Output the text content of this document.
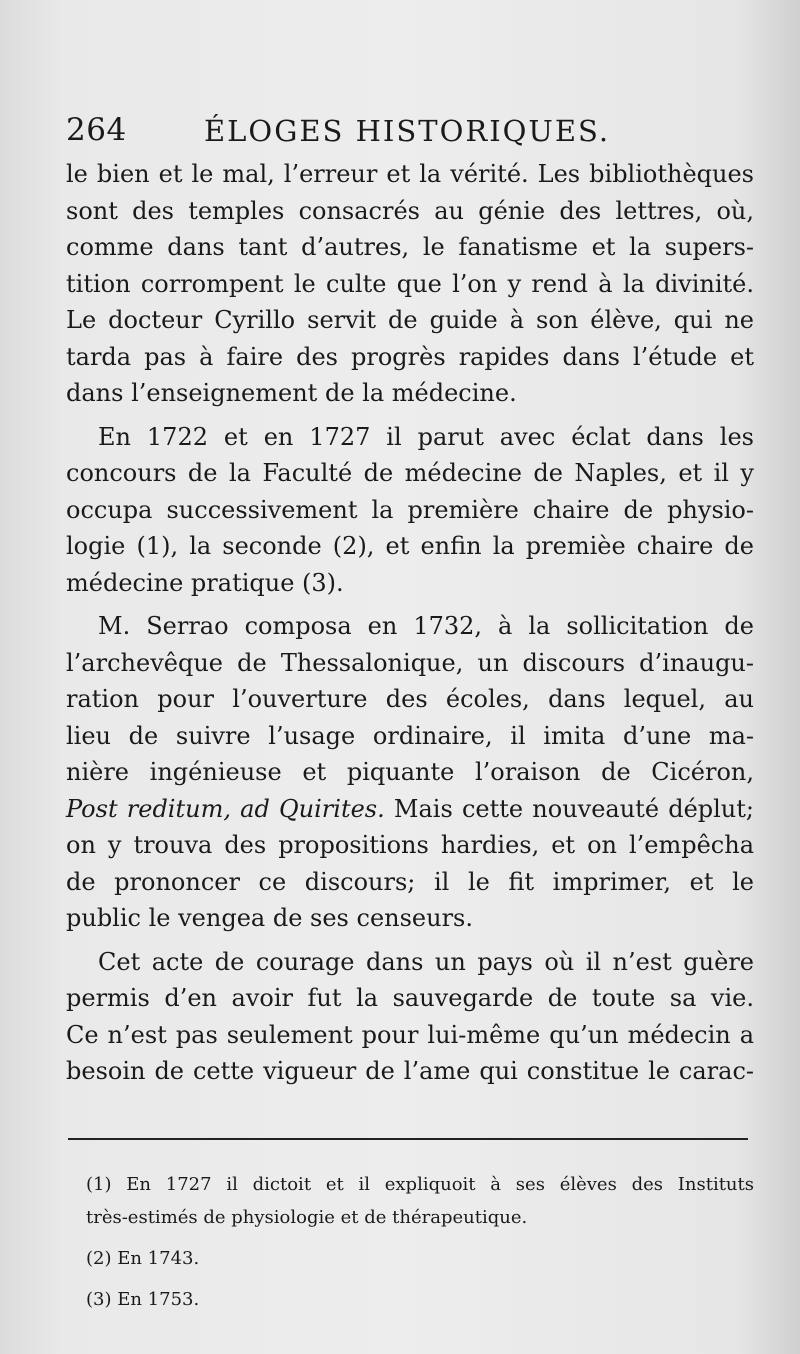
264	ÉLOGES HISTORIQUES.
le bien et le mal, l’erreur et la vérité. Les bibliothèques
sont des temples consacrés au génie des lettres, où,
comme dans tant d’autres, le fanatisme et la supers-
tition corrompent le culte que l’on y rend à la divinité.
Le docteur Cyrillo servit de guide à son élève, qui ne
tarda pas à faire des progrès rapides dans l’étude et
dans l’enseignement de la médecine.
En 1722 et en 1727 il parut avec éclat dans les
concours de la Faculté de médecine de Naples, et il y
occupa successivement la première chaire de physio-
logie (1), la seconde (2), et enfin la premièe chaire de
médecine pratique (3).
M. Serrao composa en 1732, à la sollicitation de
l’archevêque de Thessalonique, un discours d’inaugu-
ration pour l’ouverture des écoles, dans lequel, au
lieu de suivre l’usage ordinaire, il imita d’une ma-
nière ingénieuse et piquante l’oraison de Cicéron,
Post reditum, ad Quirites. Mais cette nouveauté déplut;
on y trouva des propositions hardies, et on l’empêcha
de prononcer ce discours; il le fit imprimer, et le
public le vengea de ses censeurs.
Cet acte de courage dans un pays où il n’est guère
permis d’en avoir fut la sauvegarde de toute sa vie.
Ce n’est pas seulement pour lui-même qu’un médecin a
besoin de cette vigueur de l’ame qui constitue le carac-
(1) En 1727 il dictoit et il expliquoit à ses élèves des Instituts
très-estimés de physiologie et de thérapeutique.
(2) En 1743.
(3) En 1753.
